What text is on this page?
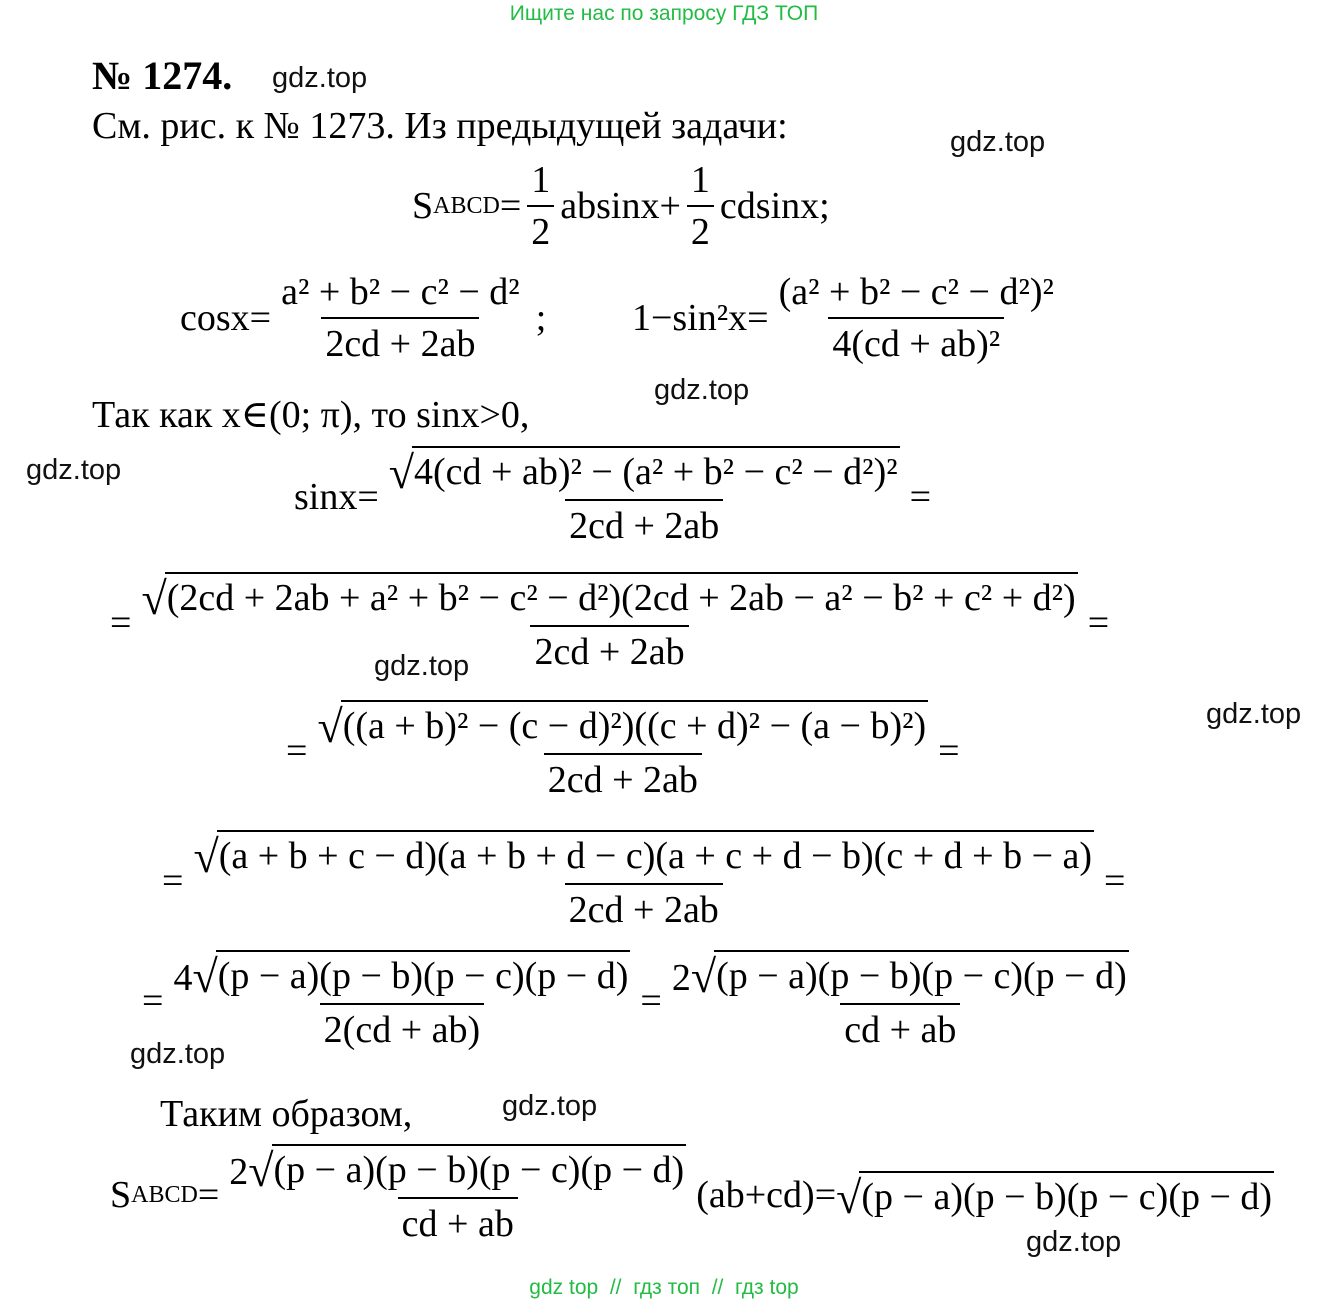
Ищите нас по запросу ГДЗ ТОП
№ 1274.
См. рис. к № 1273. Из предыдущей задачи:
S ABCD = $\frac{1}{2} absinx+ \frac{1}{2} cdsinx$;
$\cos x= \frac{\text{a² + b² − c² − d²}}{2cd + 2ab}$ ; $1-\sin^2x= \frac{\text{(a² + b² − c² − d²)²}}{\text{4(cd + ab)²}}$
Так как x∈(0; π), то sinx>0,
$\sin x= \frac{\text{√ 4(cd + ab)² − (a² + b² − c² − d²)²}}{2cd + 2ab}$ =
= √ (2cd + 2ab + a² + b² − c² − d²)(2cd + 2ab − a² − b² + c² + d²)
2cd + 2ab
=
= $\frac{\text{√ ((a + b)² − (c − d)²)((c + d)² − (a − b)²)}}{2cd + 2ab}$ =
= √ (a + b + c − d)(a + b + d − c)(a + c + d − b)(c + d + b − a)
2cd + 2ab
=
= $\frac{4 √ (p - a)(p - b)(p - c)(p - d)}{2(cd + ab)} = \frac{2 √ (p - a)(p - b)(p - c)(p - d)}{cd + ab}$
Таким образом,
S ABCD = $\frac{2 √ (p - a)(p - b)(p - c)(p - d)}{cd + ab} (ab+cd)=$ √ (p − a)(p − b)(p − c)(p − d)
gdz.top
gdz.top
gdz.top
gdz.top
gdz.top
gdz.top
gdz.top
gdz.top
gdz.top
gdz top  //  гдз топ  //  гдз top
